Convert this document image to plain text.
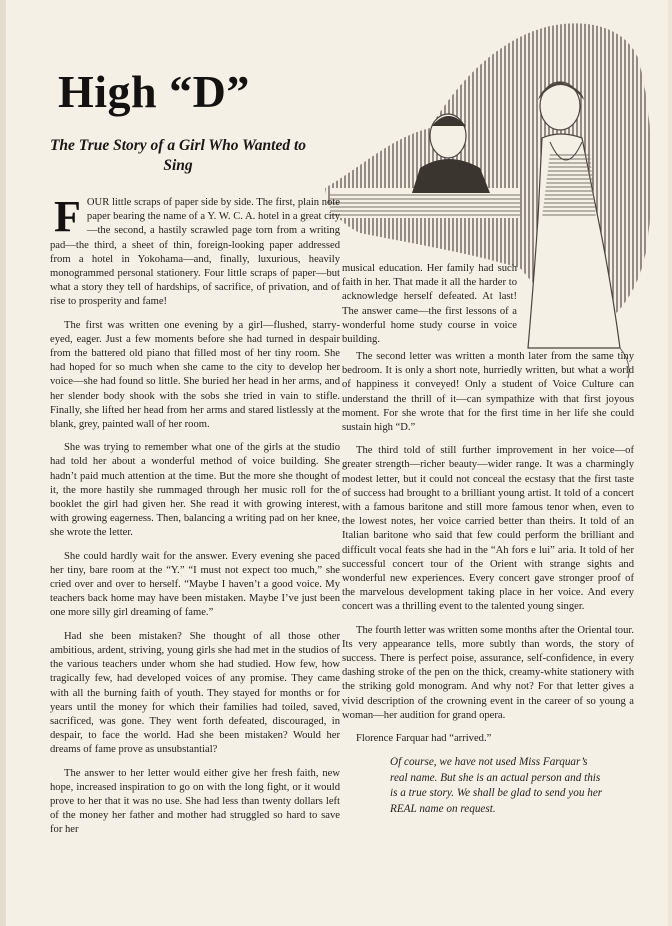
High “D”
The True Story of a Girl Who Wanted to Sing

F OUR little scraps of paper side by side. The first, plain note paper bearing the name of a Y. W. C. A. hotel in a great city—the second, a hastily scrawled page torn from a writing pad—the third, a sheet of thin, foreign-looking paper addressed from a hotel in Yokohama—and, finally, luxurious, heavily monogrammed personal stationery. Four little scraps of paper—but what a story they tell of hardships, of sacrifice, of privation, and of rise to prosperity and fame!

The first was written one evening by a girl—flushed, starry-eyed, eager. Just a few moments before she had turned in despair from the battered old piano that filled most of her tiny room. She had hoped for so much when she came to the city to develop her voice—she had found so little. She buried her head in her arms, and her slender body shook with the sobs she tried in vain to stifle. Finally, she lifted her head from her arms and stared listlessly at the blank, grey, painted wall of her room.

She was trying to remember what one of the girls at the studio had told her about a wonderful method of voice building. She hadn’t paid much attention at the time. But the more she thought of it, the more hastily she rummaged through her music roll for the booklet the girl had given her. She read it with growing interest, with growing eagerness. Then, balancing a writing pad on her knee, she wrote the letter.

She could hardly wait for the answer. Every evening she paced her tiny, bare room at the “Y.” “I must not expect too much,” she cried over and over to herself. “Maybe I haven’t a good voice. My teachers back home may have been mistaken. Maybe I’ve just been one more silly girl dreaming of fame.”

Had she been mistaken? She thought of all those other ambitious, ardent, striving, young girls she had met in the studios of the various teachers under whom she had studied. How few, how tragically few, had developed voices of any promise. They came with all the burning faith of youth. They stayed for months or for years until the money for which their families had toiled, saved, sacrificed, was gone. They went forth defeated, discouraged, in despair, to face the world. Had she been mistaken? Would her dreams of fame prove as unsubstantial?

The answer to her letter would either give her fresh faith, new hope, increased inspiration to go on with the long fight, or it would prove to her that it was no use. She had less than twenty dollars left of the money her father and mother had struggled so hard to save for her

musical education. Her family had such faith in her. That made it all the harder to acknowledge herself defeated. At last! The answer came—the first lessons of a wonderful home study course in voice building.

The second letter was written a month later from the same tiny bedroom. It is only a short note, hurriedly written, but what a world of happiness it conveyed! Only a student of Voice Culture can understand the thrill of it—can sympathize with that first joyous moment. For she wrote that for the first time in her life she could sustain high “D.”

The third told of still further improvement in her voice—of greater strength—richer beauty—wider range. It was a charmingly modest letter, but it could not conceal the ecstasy that the first taste of success had brought to a brilliant young artist. It told of a concert with a famous baritone and still more famous tenor when, even to the lowest notes, her voice carried better than theirs. It told of an Italian baritone who said that few could perform the brilliant and difficult vocal feats she had in the “Ah fors e lui” aria. It told of her successful concert tour of the Orient with strange sights and wonderful new experiences. Every concert gave stronger proof of the marvelous development taking place in her voice. And every concert was a thrilling event to the talented young singer.

The fourth letter was written some months after the Oriental tour. Its very appearance tells, more subtly than words, the story of success. There is perfect poise, assurance, self-confidence, in every dashing stroke of the pen on the thick, creamy-white stationery with the striking gold monogram. And why not? For that letter gives a vivid description of the crowning event in the career of so young a woman—her audition for grand opera.

Florence Farquar had “arrived.”

Of course, we have not used Miss Farquar’s real name. But she is an actual person and this is a true story. We shall be glad to send you her REAL name on request.
